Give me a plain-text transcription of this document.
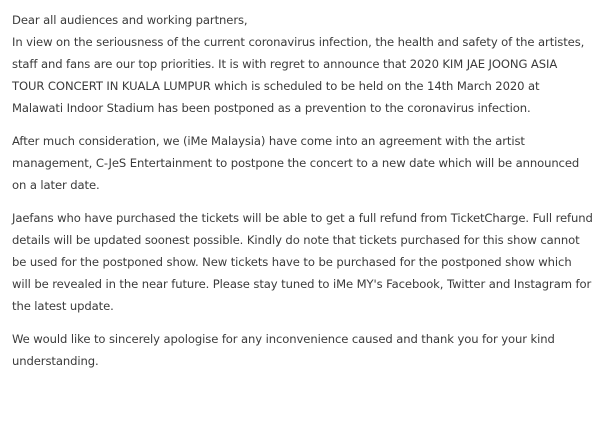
Dear all audiences and working partners,
In view on the seriousness of the current coronavirus infection, the health and safety of the artistes,
staff and fans are our top priorities. It is with regret to announce that 2020 KIM JAE JOONG ASIA
TOUR CONCERT IN KUALA LUMPUR which is scheduled to be held on the 14th March 2020 at
Malawati Indoor Stadium has been postponed as a prevention to the coronavirus infection.
After much consideration, we (iMe Malaysia) have come into an agreement with the artist
management, C-JeS Entertainment to postpone the concert to a new date which will be announced
on a later date.
Jaefans who have purchased the tickets will be able to get a full refund from TicketCharge. Full refund
details will be updated soonest possible. Kindly do note that tickets purchased for this show cannot
be used for the postponed show. New tickets have to be purchased for the postponed show which
will be revealed in the near future. Please stay tuned to iMe MY's Facebook, Twitter and Instagram for
the latest update.
We would like to sincerely apologise for any inconvenience caused and thank you for your kind
understanding.
